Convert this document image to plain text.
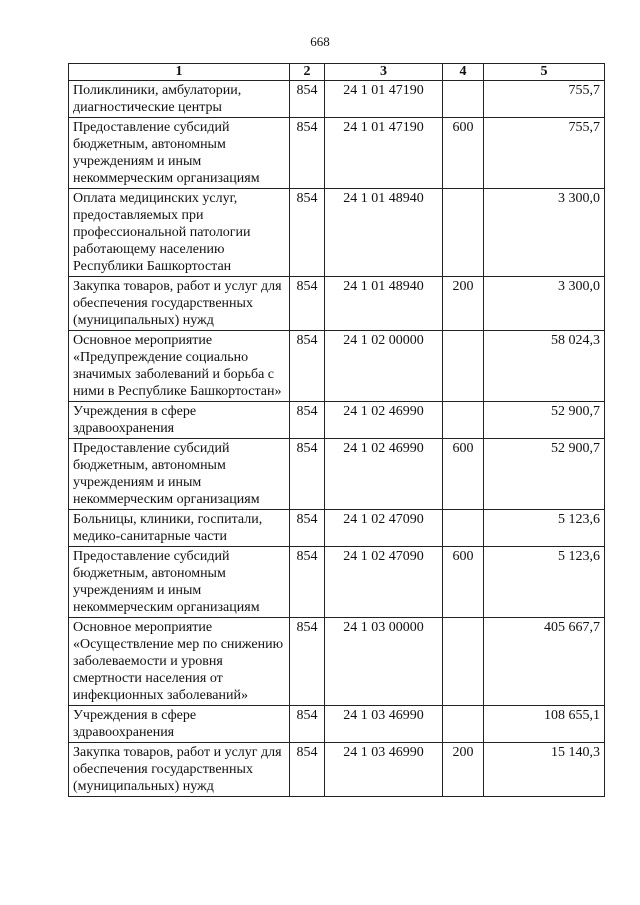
668
1	2	3	4	5
Поликлиники, амбулатории, диагностические центры	854	24 1 01 47190		755,7
Предоставление субсидий бюджетным, автономным учреждениям и иным некоммерческим организациям	854	24 1 01 47190	600	755,7
Оплата медицинских услуг, предоставляемых при профессиональной патологии работающему населению Республики Башкортостан	854	24 1 01 48940		3 300,0
Закупка товаров, работ и услуг для обеспечения государственных (муниципальных) нужд	854	24 1 01 48940	200	3 300,0
Основное мероприятие «Предупреждение социально значимых заболеваний и борьба с ними в Республике Башкортостан»	854	24 1 02 00000		58 024,3
Учреждения в сфере здравоохранения	854	24 1 02 46990		52 900,7
Предоставление субсидий бюджетным, автономным учреждениям и иным некоммерческим организациям	854	24 1 02 46990	600	52 900,7
Больницы, клиники, госпитали, медико-санитарные части	854	24 1 02 47090		5 123,6
Предоставление субсидий бюджетным, автономным учреждениям и иным некоммерческим организациям	854	24 1 02 47090	600	5 123,6
Основное мероприятие «Осуществление мер по снижению заболеваемости и уровня смертности населения от инфекционных заболеваний»	854	24 1 03 00000		405 667,7
Учреждения в сфере здравоохранения	854	24 1 03 46990		108 655,1
Закупка товаров, работ и услуг для обеспечения государственных (муниципальных) нужд	854	24 1 03 46990	200	15 140,3
